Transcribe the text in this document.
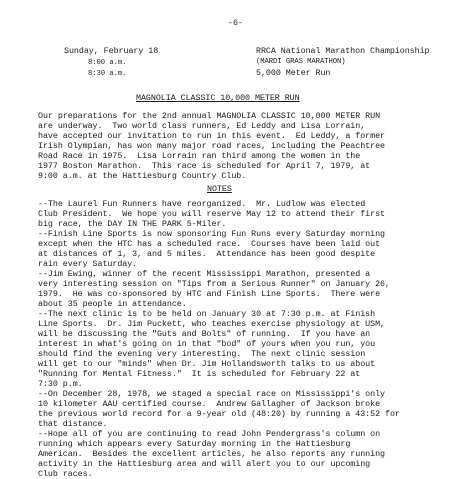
-6-
Sunday, February 18
8:00 a.m.
8:30 a.m.
RRCA National Marathon Championship
(MARDI GRAS MARATHON)
5,000 Meter Run
MAGNOLIA CLASSIC 10,000 METER RUN
Our preparations for the 2nd annual MAGNOLIA CLASSIC 10,000 METER RUN
are underway.  Two world class runners, Ed Leddy and Lisa Lorrain,
have accepted our invitation to run in this event.  Ed Leddy, a former
Irish Olympian, has won many major road races, including the Peachtree
Road Race in 1975.  Lisa Lorrain ran third among the women in the
1977 Boston Marathon.  This race is scheduled for April 7, 1979, at
9:00 a.m. at the Hattiesburg Country Club.
NOTES
--The Laurel Fun Runners have reorganized.  Mr. Ludlow was elected
Club President.  We hope you will reserve May 12 to attend their first
big race, the DAY IN THE PARK 5-Miler.
--Finish Line Sports is now sponsoring Fun Runs every Saturday morning
except when the HTC has a scheduled race.  Courses have been laid out
at distances of 1, 3, and 5 miles.  Attendance has been good despite
rain every Saturday.
--Jim Ewing, winner of the recent Mississippi Marathon, presented a
very interesting session on "Tips from a Serious Runner" on January 26,
1979.  He was co-sponsored by HTC and Finish Line Sports.  There were
about 35 people in attendance.
--The next clinic is to be held on January 30 at 7:30 p.m. at Finish
Line Sports.  Dr. Jim Puckett, who teaches exercise physiology at USM,
will be discussing the "Guts and Bolts" of running.  If you have an
interest in what's going on in that "bod" of yours when you run, you
should find the evening very interesting.  The next clinic session
will get to our "minds" when Dr. Jim Hollandsworth talks to us about
"Running for Mental Fitness."  It is scheduled for February 22 at
7:30 p.m.
--On December 28, 1978, we staged a special race on Mississippi's only
10 kilometer AAU certified course.  Andrew Gallagher of Jackson broke
the previous world record for a 9-year old (48:20) by running a 43:52 for
that distance.
--Hope all of you are continuing to read John Pendergrass's column on
running which appears every Saturday morning in the Hattiesburg
American.  Besides the excellent articles, he also reports any running
activity in the Hattiesburg area and will alert you to our upcoming
Club races.
